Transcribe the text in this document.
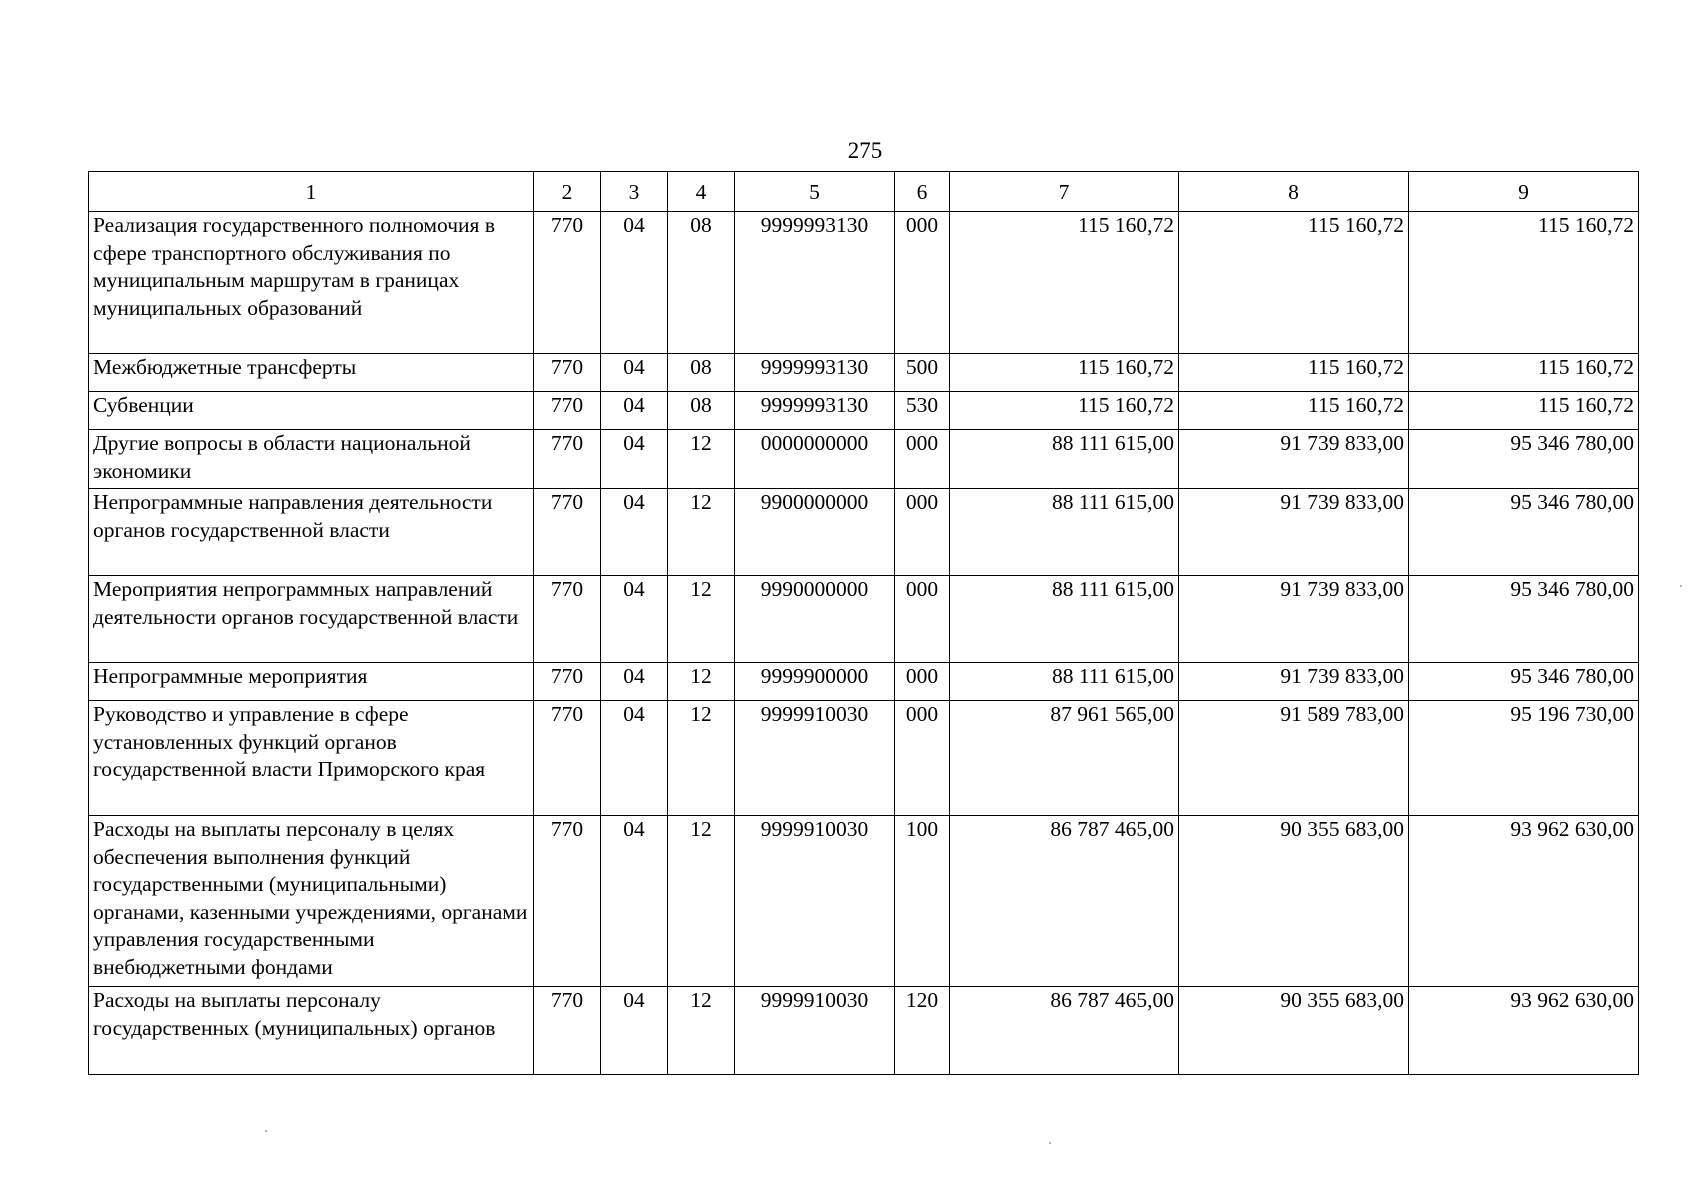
275
1	2	3	4	5	6	7	8	9
Реализация государственного полномочия в сфере транспортного обслуживания по муниципальным маршрутам в границах муниципальных образований	770	04	08	9999993130	000	115 160,72	115 160,72	115 160,72
Межбюджетные трансферты	770	04	08	9999993130	500	115 160,72	115 160,72	115 160,72
Субвенции	770	04	08	9999993130	530	115 160,72	115 160,72	115 160,72
Другие вопросы в области национальной экономики	770	04	12	0000000000	000	88 111 615,00	91 739 833,00	95 346 780,00
Непрограммные направления деятельности органов государственной власти	770	04	12	9900000000	000	88 111 615,00	91 739 833,00	95 346 780,00
Мероприятия непрограммных направлений деятельности органов государственной власти	770	04	12	9990000000	000	88 111 615,00	91 739 833,00	95 346 780,00
Непрограммные мероприятия	770	04	12	9999900000	000	88 111 615,00	91 739 833,00	95 346 780,00
Руководство и управление в сфере установленных функций органов государственной власти Приморского края	770	04	12	9999910030	000	87 961 565,00	91 589 783,00	95 196 730,00
Расходы на выплаты персоналу в целях обеспечения выполнения функций государственными (муниципальными) органами, казенными учреждениями, органами управления государственными внебюджетными фондами	770	04	12	9999910030	100	86 787 465,00	90 355 683,00	93 962 630,00
Расходы на выплаты персоналу государственных (муниципальных) органов	770	04	12	9999910030	120	86 787 465,00	90 355 683,00	93 962 630,00
